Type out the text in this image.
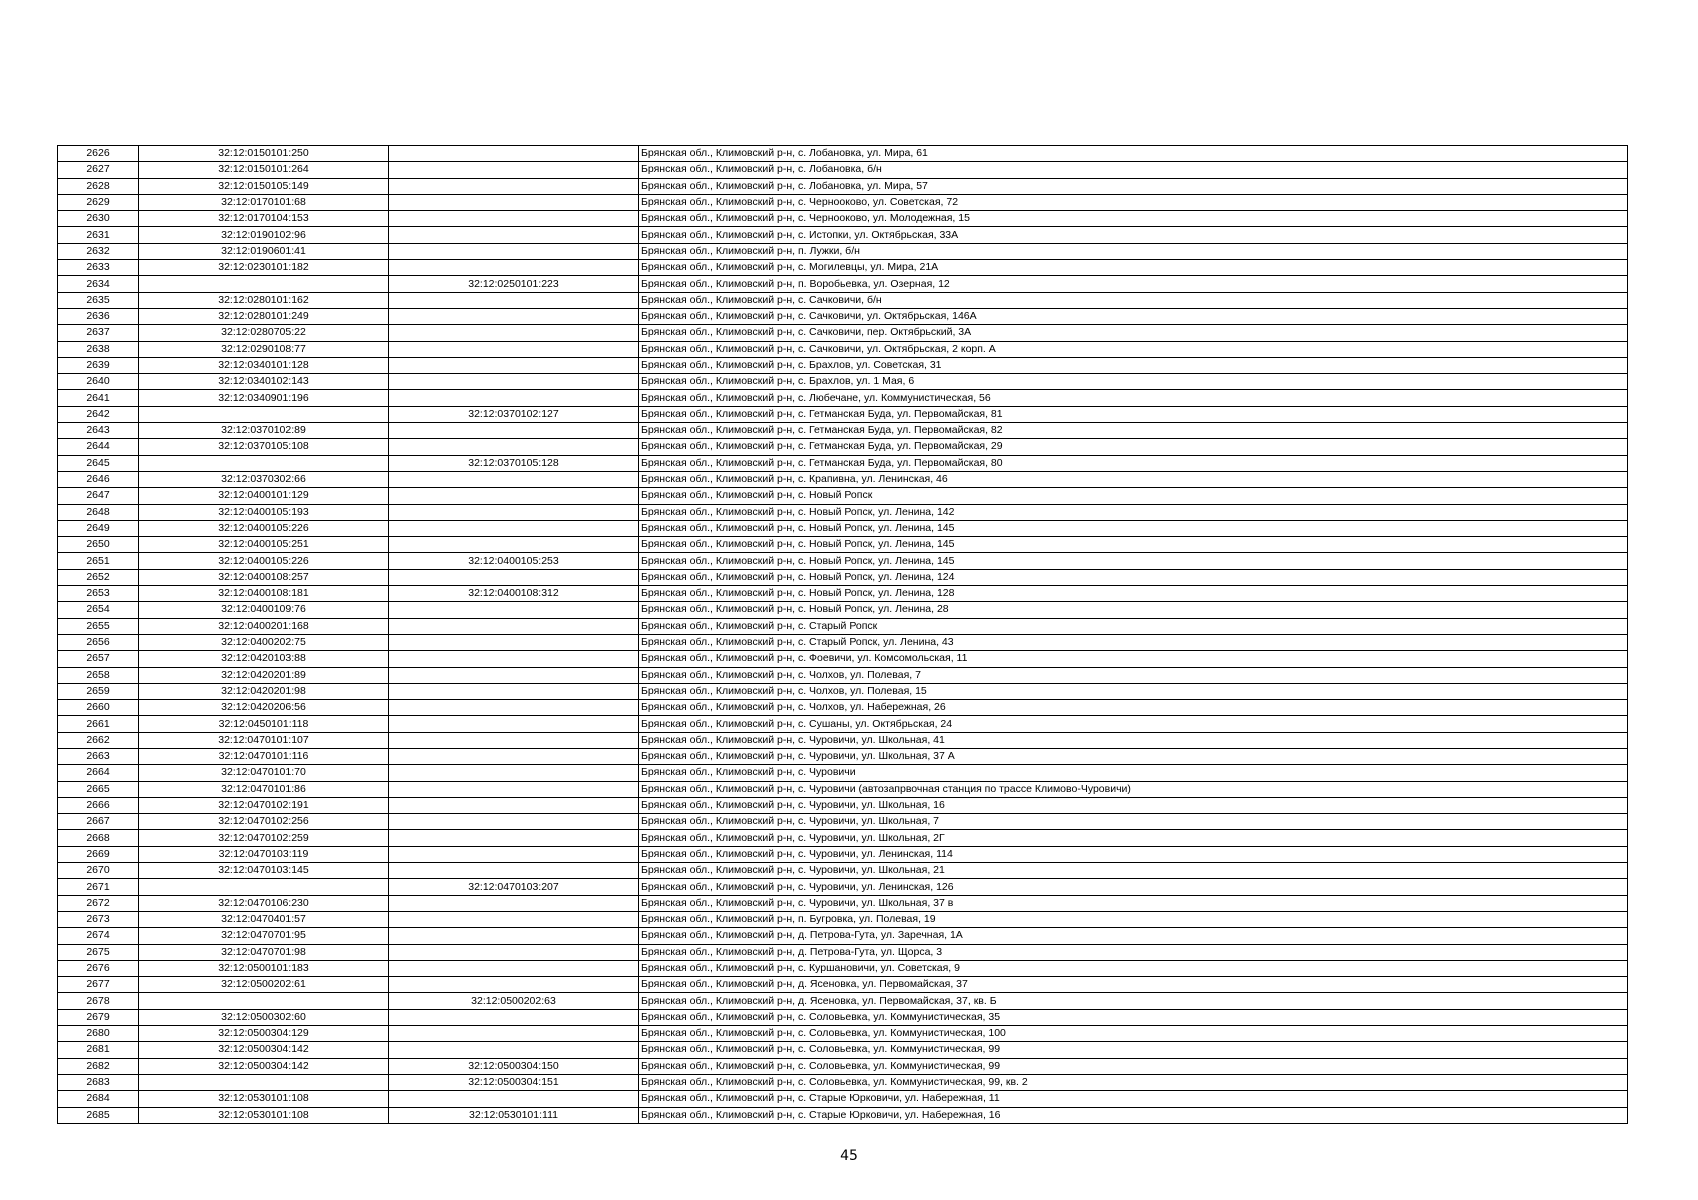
2626	32:12:0150101:250		Брянская обл., Климовский р-н, с. Лобановка, ул. Мира, 61
2627	32:12:0150101:264		Брянская обл., Климовский р-н, с. Лобановка, б/н
2628	32:12:0150105:149		Брянская обл., Климовский р-н, с. Лобановка, ул. Мира, 57
2629	32:12:0170101:68		Брянская обл., Климовский р-н, с. Чернооково, ул. Советская, 72
2630	32:12:0170104:153		Брянская обл., Климовский р-н, с. Чернооково, ул. Молодежная, 15
2631	32:12:0190102:96		Брянская обл., Климовский р-н, с. Истопки, ул. Октябрьская, 33А
2632	32:12:0190601:41		Брянская обл., Климовский р-н, п. Лужки, б/н
2633	32:12:0230101:182		Брянская обл., Климовский р-н, с. Могилевцы, ул. Мира, 21А
2634		32:12:0250101:223	Брянская обл., Климовский р-н, п. Воробьевка, ул. Озерная, 12
2635	32:12:0280101:162		Брянская обл., Климовский р-н, с. Сачковичи, б/н
2636	32:12:0280101:249		Брянская обл., Климовский р-н, с. Сачковичи, ул. Октябрьская, 146А
2637	32:12:0280705:22		Брянская обл., Климовский р-н, с. Сачковичи, пер. Октябрьский, 3А
2638	32:12:0290108:77		Брянская обл., Климовский р-н, с. Сачковичи, ул. Октябрьская, 2 корп. А
2639	32:12:0340101:128		Брянская обл., Климовский р-н, с. Брахлов, ул. Советская, 31
2640	32:12:0340102:143		Брянская обл., Климовский р-н, с. Брахлов, ул. 1 Мая, 6
2641	32:12:0340901:196		Брянская обл., Климовский р-н, с. Любечане, ул. Коммунистическая, 56
2642		32:12:0370102:127	Брянская обл., Климовский р-н, с. Гетманская Буда, ул. Первомайская, 81
2643	32:12:0370102:89		Брянская обл., Климовский р-н, с. Гетманская Буда, ул. Первомайская, 82
2644	32:12:0370105:108		Брянская обл., Климовский р-н, с. Гетманская Буда, ул. Первомайская, 29
2645		32:12:0370105:128	Брянская обл., Климовский р-н, с. Гетманская Буда, ул. Первомайская, 80
2646	32:12:0370302:66		Брянская обл., Климовский р-н, с. Крапивна, ул. Ленинская, 46
2647	32:12:0400101:129		Брянская обл., Климовский р-н, с. Новый Ропск
2648	32:12:0400105:193		Брянская обл., Климовский р-н, с. Новый Ропск, ул. Ленина, 142
2649	32:12:0400105:226		Брянская обл., Климовский р-н, с. Новый Ропск, ул. Ленина, 145
2650	32:12:0400105:251		Брянская обл., Климовский р-н, с. Новый Ропск, ул. Ленина, 145
2651	32:12:0400105:226	32:12:0400105:253	Брянская обл., Климовский р-н, с. Новый Ропск, ул. Ленина, 145
2652	32:12:0400108:257		Брянская обл., Климовский р-н, с. Новый Ропск, ул. Ленина, 124
2653	32:12:0400108:181	32:12:0400108:312	Брянская обл., Климовский р-н, с. Новый Ропск, ул. Ленина, 128
2654	32:12:0400109:76		Брянская обл., Климовский р-н, с. Новый Ропск, ул. Ленина, 28
2655	32:12:0400201:168		Брянская обл., Климовский р-н, с. Старый Ропск
2656	32:12:0400202:75		Брянская обл., Климовский р-н, с. Старый Ропск, ул. Ленина, 43
2657	32:12:0420103:88		Брянская обл., Климовский р-н, с. Фоевичи, ул. Комсомольская, 11
2658	32:12:0420201:89		Брянская обл., Климовский р-н, с. Чолхов, ул. Полевая, 7
2659	32:12:0420201:98		Брянская обл., Климовский р-н, с. Чолхов, ул. Полевая, 15
2660	32:12:0420206:56		Брянская обл., Климовский р-н, с. Чолхов, ул. Набережная, 26
2661	32:12:0450101:118		Брянская обл., Климовский р-н, с. Сушаны, ул. Октябрьская, 24
2662	32:12:0470101:107		Брянская обл., Климовский р-н, с. Чуровичи, ул. Школьная, 41
2663	32:12:0470101:116		Брянская обл., Климовский р-н, с. Чуровичи, ул. Школьная, 37 А
2664	32:12:0470101:70		Брянская обл., Климовский р-н, с. Чуровичи
2665	32:12:0470101:86		Брянская обл., Климовский р-н, с. Чуровичи (автозапрвочная станция по трассе Климово-Чуровичи)
2666	32:12:0470102:191		Брянская обл., Климовский р-н, с. Чуровичи, ул. Школьная, 16
2667	32:12:0470102:256		Брянская обл., Климовский р-н, с. Чуровичи, ул. Школьная, 7
2668	32:12:0470102:259		Брянская обл., Климовский р-н, с. Чуровичи, ул. Школьная, 2Г
2669	32:12:0470103:119		Брянская обл., Климовский р-н, с. Чуровичи, ул. Ленинская, 114
2670	32:12:0470103:145		Брянская обл., Климовский р-н, с. Чуровичи, ул. Школьная, 21
2671		32:12:0470103:207	Брянская обл., Климовский р-н, с. Чуровичи, ул. Ленинская, 126
2672	32:12:0470106:230		Брянская обл., Климовский р-н, с. Чуровичи, ул. Школьная, 37 в
2673	32:12:0470401:57		Брянская обл., Климовский р-н, п. Бугровка, ул. Полевая, 19
2674	32:12:0470701:95		Брянская обл., Климовский р-н, д. Петрова-Гута, ул. Заречная, 1А
2675	32:12:0470701:98		Брянская обл., Климовский р-н, д. Петрова-Гута, ул. Щорса, 3
2676	32:12:0500101:183		Брянская обл., Климовский р-н, с. Куршановичи, ул. Советская, 9
2677	32:12:0500202:61		Брянская обл., Климовский р-н, д. Ясеновка, ул. Первомайская, 37
2678		32:12:0500202:63	Брянская обл., Климовский р-н, д. Ясеновка, ул. Первомайская, 37, кв. Б
2679	32:12:0500302:60		Брянская обл., Климовский р-н, с. Соловьевка, ул. Коммунистическая, 35
2680	32:12:0500304:129		Брянская обл., Климовский р-н, с. Соловьевка, ул. Коммунистическая, 100
2681	32:12:0500304:142		Брянская обл., Климовский р-н, с. Соловьевка, ул. Коммунистическая, 99
2682	32:12:0500304:142	32:12:0500304:150	Брянская обл., Климовский р-н, с. Соловьевка, ул. Коммунистическая, 99
2683		32:12:0500304:151	Брянская обл., Климовский р-н, с. Соловьевка, ул. Коммунистическая, 99, кв. 2
2684	32:12:0530101:108		Брянская обл., Климовский р-н, с. Старые Юрковичи, ул. Набережная, 11
2685	32:12:0530101:108	32:12:0530101:111	Брянская обл., Климовский р-н, с. Старые Юрковичи, ул. Набережная, 16
45
